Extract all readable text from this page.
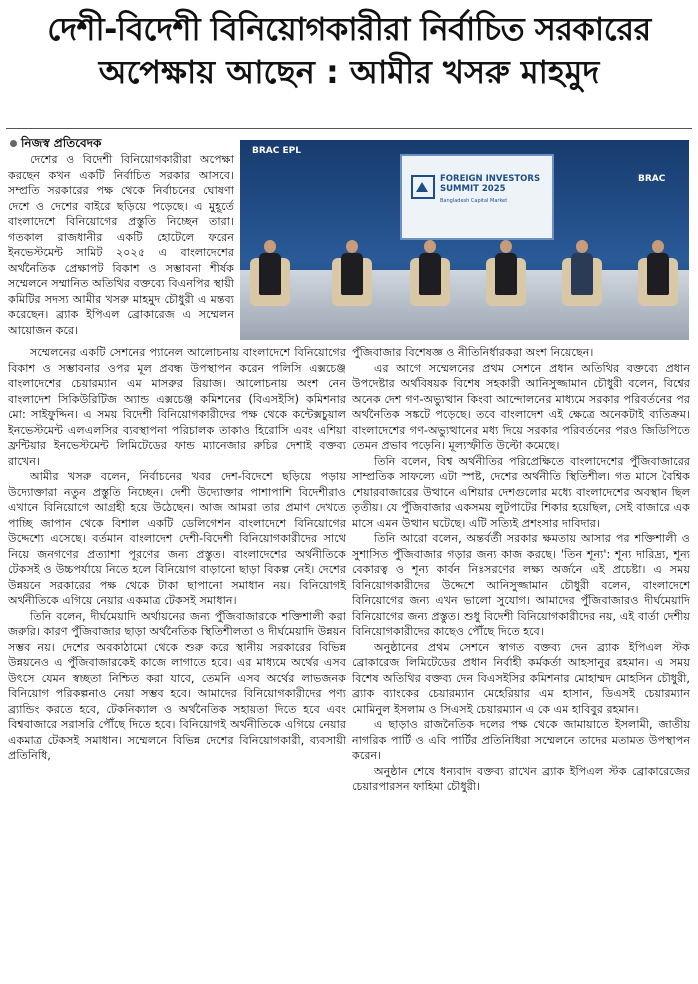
দেশী-বিদেশী বিনিয়োগকারীরা নির্বাচিত সরকারের
অপেক্ষায় আছেন : আমীর খসরু মাহমুদ
নিজস্ব প্রতিবেদক

দেশের ও বিদেশী বিনিয়োগকারীরা অপেক্ষা করছেন কখন একটি নির্বাচিত সরকার আসবে। সম্প্রতি সরকারের পক্ষ থেকে নির্বাচনের ঘোষণা দেশে ও দেশের বাইরে ছড়িয়ে পড়েছে। এ মুহূর্তে বাংলাদেশে বিনিয়োগের প্রস্তুতি নিচ্ছেন তারা। গতকাল রাজধানীর একটি হোটেলে ফরেন ইনভেস্টমেন্ট সামিট ২০২৫ এ বাংলাদেশের অর্থনৈতিক প্রেক্ষাপট বিকাশ ও সম্ভাবনা শীর্ষক সম্মেলনে সম্মানিত অতিথির বক্তব্যে বিএনপির স্থায়ী কমিটির সদস্য আমীর খসরু মাহমুদ চৌধুরী এ মন্তব্য করেছেন। ব্র্যাক ইপিএল ব্রোকারেজ এ সম্মেলন আয়োজন করে।

BRAC EPL
FOREIGN INVESTORS SUMMIT 2025
Bangladesh Capital Market
BRAC

সম্মেলনের একটি সেশনের প্যানেল আলোচনায় বাংলাদেশে বিনিয়োগের বিকাশ ও সম্ভাবনার ওপর মূল প্রবন্ধ উপস্থাপন করেন পলিসি এক্সচেঞ্জ বাংলাদেশের চেয়ারম্যান এম মাসরুর রিয়াজ। আলোচনায় অংশ নেন বাংলাদেশ সিকিউরিটিজ অ্যান্ড এক্সচেঞ্জ কমিশনের (বিএসইসি) কমিশনার মো: সাইফুদ্দিন। এ সময় বিদেশী বিনিয়োগকারীদের পক্ষ থেকে কন্টেক্সচুয়াল ইনভেস্টমেন্ট এলএলসির ব্যবস্থাপনা পরিচালক তাকাও হিরোসি এবং এশিয়া ফ্রন্টিয়ার ইনভেস্টমেন্ট লিমিটেডের ফান্ড ম্যানেজার রুচির দেশাই বক্তব্য রাখেন।

আমীর খসরু বলেন, নির্বাচনের খবর দেশ-বিদেশে ছড়িয়ে পড়ায় উদ্যোক্তারা নতুন প্রস্তুতি নিচ্ছেন। দেশী উদ্যোক্তার পাশাপাশি বিদেশীরাও এখানে বিনিয়োগে আগ্রহী হয়ে উঠেছেন। আজ আমরা তার প্রমাণ দেখতে পাচ্ছি জাপান থেকে বিশাল একটি ডেলিগেশন বাংলাদেশে বিনিয়োগের উদ্দেশ্যে এসেছে। বর্তমান বাংলাদেশ দেশী-বিদেশী বিনিয়োগকারীদের সাথে নিয়ে জনগণের প্রত্যাশা পূরণের জন্য প্রস্তুত। বাংলাদেশের অর্থনীতিকে টেকসই ও উচ্চপর্যায়ে নিতে হলে বিনিয়োগ বাড়ানো ছাড়া বিকল্প নেই। দেশের উন্নয়নে সরকারের পক্ষ থেকে টাকা ছাপানো সমাধান নয়। বিনিয়োগই অর্থনীতিকে এগিয়ে নেয়ার একমাত্র টেকসই সমাধান।

তিনি বলেন, দীর্ঘমেয়াদি অর্থায়নের জন্য পুঁজিবাজারকে শক্তিশালী করা জরুরি। কারণ পুঁজিবাজার ছাড়া অর্থনৈতিক স্থিতিশীলতা ও দীর্ঘমেয়াদি উন্নয়ন সম্ভব নয়। দেশের অবকাঠামো থেকে শুরু করে স্থানীয় সরকারের বিভিন্ন উন্নয়নেও এ পুঁজিবাজারকেই কাজে লাগাতে হবে। এর মাধ্যমে অর্থের এসব উৎসে যেমন স্বচ্ছতা নিশ্চিত করা যাবে, তেমনি এসব অর্থের লাভজনক বিনিয়োগ পরিকল্পনাও নেয়া সম্ভব হবে। আমাদের বিনিয়োগকারীদের পণ্য ব্র্যান্ডিং করতে হবে, টেকনিক্যাল ও অর্থনৈতিক সহায়তা দিতে হবে এবং বিশ্ববাজারে সরাসরি পৌঁছে দিতে হবে। বিনিয়োগই অর্থনীতিকে এগিয়ে নেয়ার একমাত্র টেকসই সমাধান। সম্মেলনে বিভিন্ন দেশের বিনিয়োগকারী, ব্যবসায়ী প্রতিনিধি,

পুঁজিবাজার বিশেষজ্ঞ ও নীতিনির্ধারকরা অংশ নিয়েছেন।

এর আগে সম্মেলনের প্রথম সেশনে প্রধান অতিথির বক্তব্যে প্রধান উপদেষ্টার অর্থবিষয়ক বিশেষ সহকারী আনিসুজ্জামান চৌধুরী বলেন, বিশ্বের অনেক দেশ গণ-অভ্যুত্থান কিংবা আন্দোলনের মাধ্যমে সরকার পরিবর্তনের পর অর্থনৈতিক সঙ্কটে পড়েছে। তবে বাংলাদেশ এই ক্ষেত্রে অনেকটাই ব্যতিক্রম। বাংলাদেশের গণ-অভ্যুত্থানের মধ্য দিয়ে সরকার পরিবর্তনের পরও জিডিপিতে তেমন প্রভাব পড়েনি। মূল্যস্ফীতি উল্টো কমেছে।

তিনি বলেন, বিশ্ব অর্থনীতির পরিপ্রেক্ষিতে বাংলাদেশের পুঁজিবাজারের সাম্প্রতিক সাফল্যে এটা স্পষ্ট, দেশের অর্থনীতি স্থিতিশীল। গত মাসে বৈশ্বিক শেয়ারবাজারের উত্থানে এশিয়ার দেশগুলোর মধ্যে বাংলাদেশের অবস্থান ছিল তৃতীয়। যে পুঁজিবাজার একসময় লুটপাটের শিকার হয়েছিল, সেই বাজারে এক মাসে এমন উত্থান ঘটেছে। এটি সত্যিই প্রশংসার দাবিদার।

তিনি আরো বলেন, অন্তর্বর্তী সরকার ক্ষমতায় আসার পর শক্তিশালী ও সুশাসিত পুঁজিবাজার গড়ার জন্য কাজ করছে। 'তিন শূন্য': শূন্য দারিদ্র্য, শূন্য বেকারত্ব ও শূন্য কার্বন নিঃসরণের লক্ষ্য অর্জনে এই প্রচেষ্টা। এ সময় বিনিয়োগকারীদের উদ্দেশে আনিসুজ্জামান চৌধুরী বলেন, বাংলাদেশে বিনিয়োগের জন্য এখন ভালো সুযোগ। আমাদের পুঁজিবাজারও দীর্ঘমেয়াদি বিনিয়োগের জন্য প্রস্তুত। শুধু বিদেশী বিনিয়োগকারীদের নয়, এই বার্তা দেশীয় বিনিয়োগকারীদের কাছেও পৌঁছে দিতে হবে।

অনুষ্ঠানের প্রথম সেশনে স্বাগত বক্তব্য দেন ব্র্যাক ইপিএল স্টক ব্রোকারেজ লিমিটেডের প্রধান নির্বাহী কর্মকর্তা আহসানুর রহমান। এ সময় বিশেষ অতিথির বক্তব্য দেন বিএসইসির কমিশনার মোহাম্মদ মোহসিন চৌধুরী, ব্র্যাক ব্যাংকের চেয়ারম্যান মেহেরিয়ার এম হাসান, ডিএসই চেয়ারম্যান মোমিনুল ইসলাম ও সিএসই চেয়ারম্যান এ কে এম হাবিবুর রহমান।

এ ছাড়াও রাজনৈতিক দলের পক্ষ থেকে জামায়াতে ইসলামী, জাতীয় নাগরিক পার্টি ও এবি পার্টির প্রতিনিধিরা সম্মেলনে তাদের মতামত উপস্থাপন করেন।

অনুষ্ঠান শেষে ধন্যবাদ বক্তব্য রাখেন ব্র্যাক ইপিএল স্টক ব্রোকারেজের চেয়ারপারসন ফাহিমা চৌধুরী।
